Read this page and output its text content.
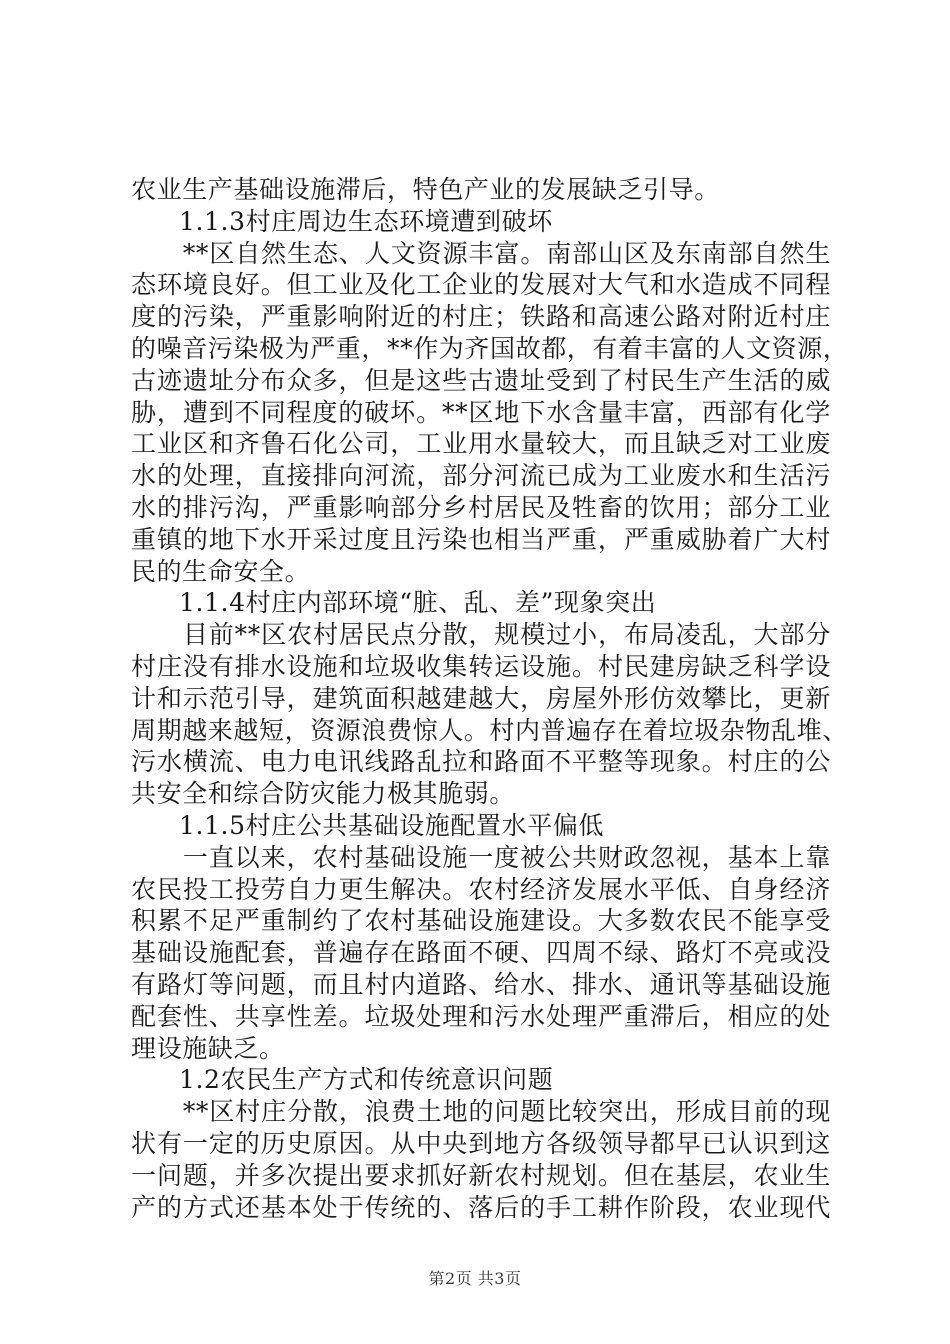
农业生产基础设施滞后，特色产业的发展缺乏引导。
1.1.3村庄周边生态环境遭到破坏
　　**区自然生态、人文资源丰富。南部山区及东南部自然生
态环境良好。但工业及化工企业的发展对大气和水造成不同程
度的污染，严重影响附近的村庄；铁路和高速公路对附近村庄
的噪音污染极为严重，**作为齐国故都，有着丰富的人文资源，
古迹遗址分布众多，但是这些古遗址受到了村民生产生活的威
胁，遭到不同程度的破坏。**区地下水含量丰富，西部有化学
工业区和齐鲁石化公司，工业用水量较大，而且缺乏对工业废
水的处理，直接排向河流，部分河流已成为工业废水和生活污
水的排污沟，严重影响部分乡村居民及牲畜的饮用；部分工业
重镇的地下水开采过度且污染也相当严重，严重威胁着广大村
民的生命安全。
1.1.4村庄内部环境“脏、乱、差”现象突出
　　目前**区农村居民点分散，规模过小，布局凌乱，大部分
村庄没有排水设施和垃圾收集转运设施。村民建房缺乏科学设
计和示范引导，建筑面积越建越大，房屋外形仿效攀比，更新
周期越来越短，资源浪费惊人。村内普遍存在着垃圾杂物乱堆、
污水横流、电力电讯线路乱拉和路面不平整等现象。村庄的公
共安全和综合防灾能力极其脆弱。
1.1.5村庄公共基础设施配置水平偏低
　　一直以来，农村基础设施一度被公共财政忽视，基本上靠
农民投工投劳自力更生解决。农村经济发展水平低、自身经济
积累不足严重制约了农村基础设施建设。大多数农民不能享受
基础设施配套，普遍存在路面不硬、四周不绿、路灯不亮或没
有路灯等问题，而且村内道路、给水、排水、通讯等基础设施
配套性、共享性差。垃圾处理和污水处理严重滞后，相应的处
理设施缺乏。
1.2农民生产方式和传统意识问题
　　**区村庄分散，浪费土地的问题比较突出，形成目前的现
状有一定的历史原因。从中央到地方各级领导都早已认识到这
一问题，并多次提出要求抓好新农村规划。但在基层，农业生
产的方式还基本处于传统的、落后的手工耕作阶段，农业现代
第2页 共3页
